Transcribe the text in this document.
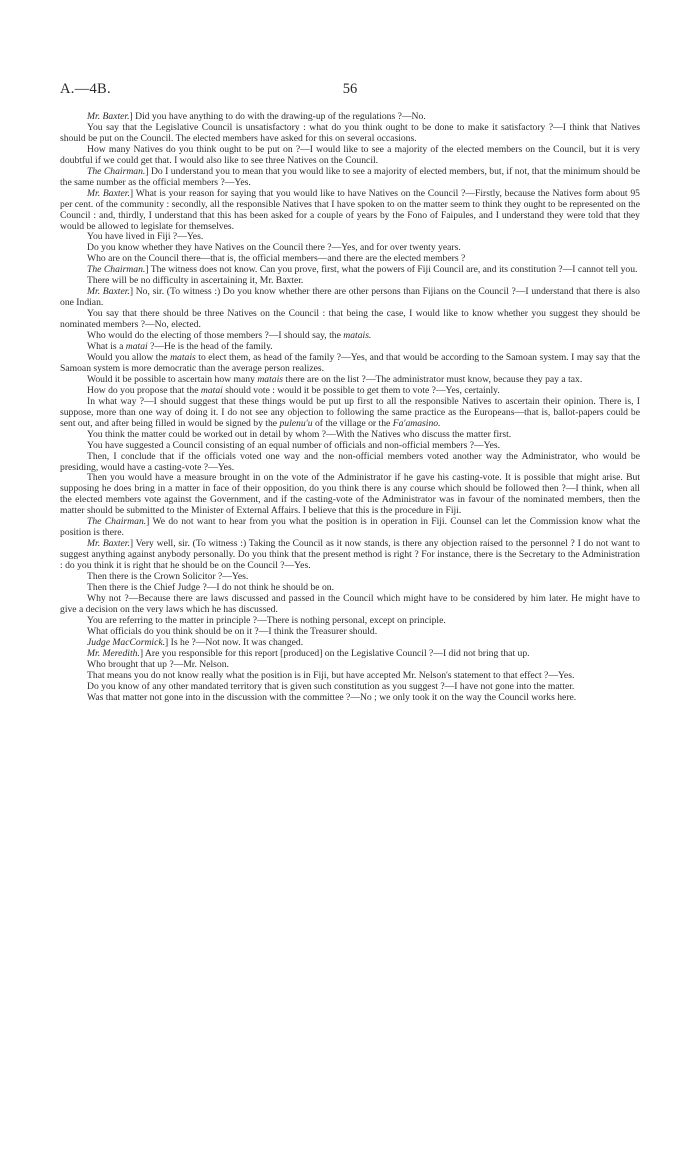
A.—4B.	56

Mr. Baxter.] Did you have anything to do with the drawing-up of the regulations ?—No.

You say that the Legislative Council is unsatisfactory : what do you think ought to be done to make it satisfactory ?—I think that Natives should be put on the Council. The elected members have asked for this on several occasions.

How many Natives do you think ought to be put on ?—I would like to see a majority of the elected members on the Council, but it is very doubtful if we could get that. I would also like to see three Natives on the Council.

The Chairman.] Do I understand you to mean that you would like to see a majority of elected members, but, if not, that the minimum should be the same number as the official members ?—Yes.

Mr. Baxter.] What is your reason for saying that you would like to have Natives on the Council ?—Firstly, because the Natives form about 95 per cent. of the community : secondly, all the responsible Natives that I have spoken to on the matter seem to think they ought to be represented on the Council : and, thirdly, I understand that this has been asked for a couple of years by the Fono of Faipules, and I understand they were told that they would be allowed to legislate for themselves.

You have lived in Fiji ?—Yes.

Do you know whether they have Natives on the Council there ?—Yes, and for over twenty years.

Who are on the Council there—that is, the official members—and there are the elected members ?

The Chairman.] The witness does not know. Can you prove, first, what the powers of Fiji Council are, and its constitution ?—I cannot tell you.

There will be no difficulty in ascertaining it, Mr. Baxter.

Mr. Baxter.] No, sir. (To witness :) Do you know whether there are other persons than Fijians on the Council ?—I understand that there is also one Indian.

You say that there should be three Natives on the Council : that being the case, I would like to know whether you suggest they should be nominated members ?—No, elected.

Who would do the electing of those members ?—I should say, the matais.

What is a matai ?—He is the head of the family.

Would you allow the matais to elect them, as head of the family ?—Yes, and that would be according to the Samoan system. I may say that the Samoan system is more democratic than the average person realizes.

Would it be possible to ascertain how many matais there are on the list ?—The administrator must know, because they pay a tax.

How do you propose that the matai should vote : would it be possible to get them to vote ?—Yes, certainly.

In what way ?—I should suggest that these things would be put up first to all the responsible Natives to ascertain their opinion. There is, I suppose, more than one way of doing it. I do not see any objection to following the same practice as the Europeans—that is, ballot-papers could be sent out, and after being filled in would be signed by the pulenu'u of the village or the Fa'amasino.

You think the matter could be worked out in detail by whom ?—With the Natives who discuss the matter first.

You have suggested a Council consisting of an equal number of officials and non-official members ?—Yes.

Then, I conclude that if the officials voted one way and the non-official members voted another way the Administrator, who would be presiding, would have a casting-vote ?—Yes.

Then you would have a measure brought in on the vote of the Administrator if he gave his casting-vote. It is possible that might arise. But supposing he does bring in a matter in face of their opposition, do you think there is any course which should be followed then ?—I think, when all the elected members vote against the Government, and if the casting-vote of the Administrator was in favour of the nominated members, then the matter should be submitted to the Minister of External Affairs. I believe that this is the procedure in Fiji.

The Chairman.] We do not want to hear from you what the position is in operation in Fiji. Counsel can let the Commission know what the position is there.

Mr. Baxter.] Very well, sir. (To witness :) Taking the Council as it now stands, is there any objection raised to the personnel ? I do not want to suggest anything against anybody personally. Do you think that the present method is right ? For instance, there is the Secretary to the Administration : do you think it is right that he should be on the Council ?—Yes.

Then there is the Crown Solicitor ?—Yes.

Then there is the Chief Judge ?—I do not think he should be on.

Why not ?—Because there are laws discussed and passed in the Council which might have to be considered by him later. He might have to give a decision on the very laws which he has discussed.

You are referring to the matter in principle ?—There is nothing personal, except on principle.

What officials do you think should be on it ?—I think the Treasurer should.

Judge MacCormick.] Is he ?—Not now. It was changed.

Mr. Meredith.] Are you responsible for this report [produced] on the Legislative Council ?—I did not bring that up.

Who brought that up ?—Mr. Nelson.

That means you do not know really what the position is in Fiji, but have accepted Mr. Nelson's statement to that effect ?—Yes.

Do you know of any other mandated territory that is given such constitution as you suggest ?—I have not gone into the matter.

Was that matter not gone into in the discussion with the committee ?—No ; we only took it on the way the Council works here.
